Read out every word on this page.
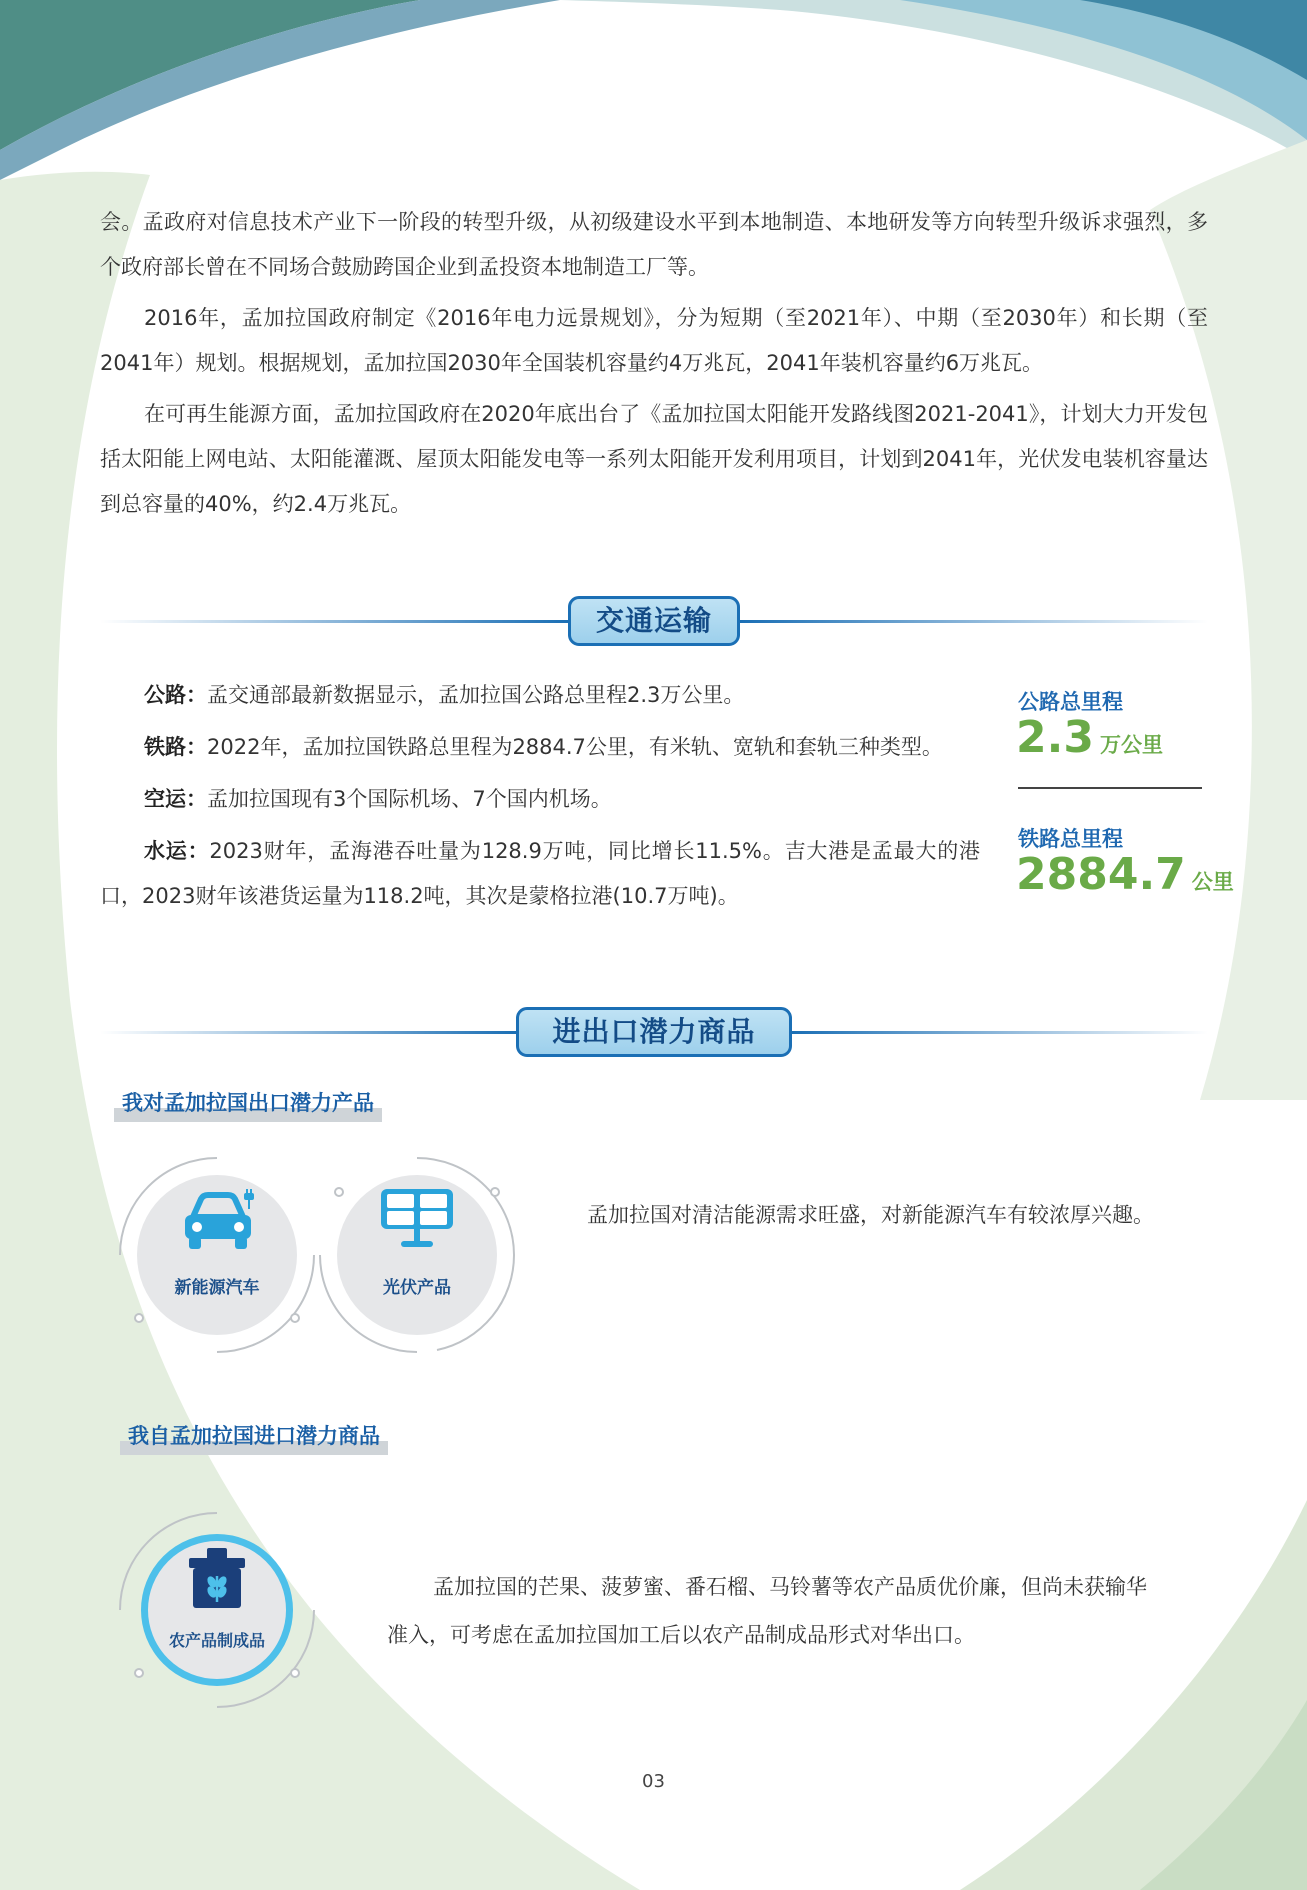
会。孟政府对信息技术产业下一阶段的转型升级，从初级建设水平到本地制造、本地研发等方向转型升级诉求强烈，多个政府部长曾在不同场合鼓励跨国企业到孟投资本地制造工厂等。

2016年，孟加拉国政府制定《2016年电力远景规划》，分为短期（至2021年）、中期（至2030年）和长期（至2041年）规划。根据规划，孟加拉国2030年全国装机容量约4万兆瓦，2041年装机容量约6万兆瓦。

在可再生能源方面，孟加拉国政府在2020年底出台了《孟加拉国太阳能开发路线图2021-2041》，计划大力开发包括太阳能上网电站、太阳能灌溉、屋顶太阳能发电等一系列太阳能开发利用项目，计划到2041年，光伏发电装机容量达到总容量的40%，约2.4万兆瓦。

交通运输
公路：孟交通部最新数据显示，孟加拉国公路总里程2.3万公里。
铁路：2022年，孟加拉国铁路总里程为2884.7公里，有米轨、宽轨和套轨三种类型。
空运：孟加拉国现有3个国际机场、7个国内机场。
水运：2023财年，孟海港吞吐量为128.9万吨，同比增长11.5%。吉大港是孟最大的港口，2023财年该港货运量为118.2吨，其次是蒙格拉港(10.7万吨)。
公路总里程
2.3 万公里
铁路总里程
2884.7 公里
进出口潜力商品
我对孟加拉国出口潜力产品
新能源汽车	光伏产品

孟加拉国对清洁能源需求旺盛，对新能源汽车有较浓厚兴趣。

我自孟加拉国进口潜力商品
农产品制成品

孟加拉国的芒果、菠萝蜜、番石榴、马铃薯等农产品质优价廉，但尚未获输华准入，可考虑在孟加拉国加工后以农产品制成品形式对华出口。

03
